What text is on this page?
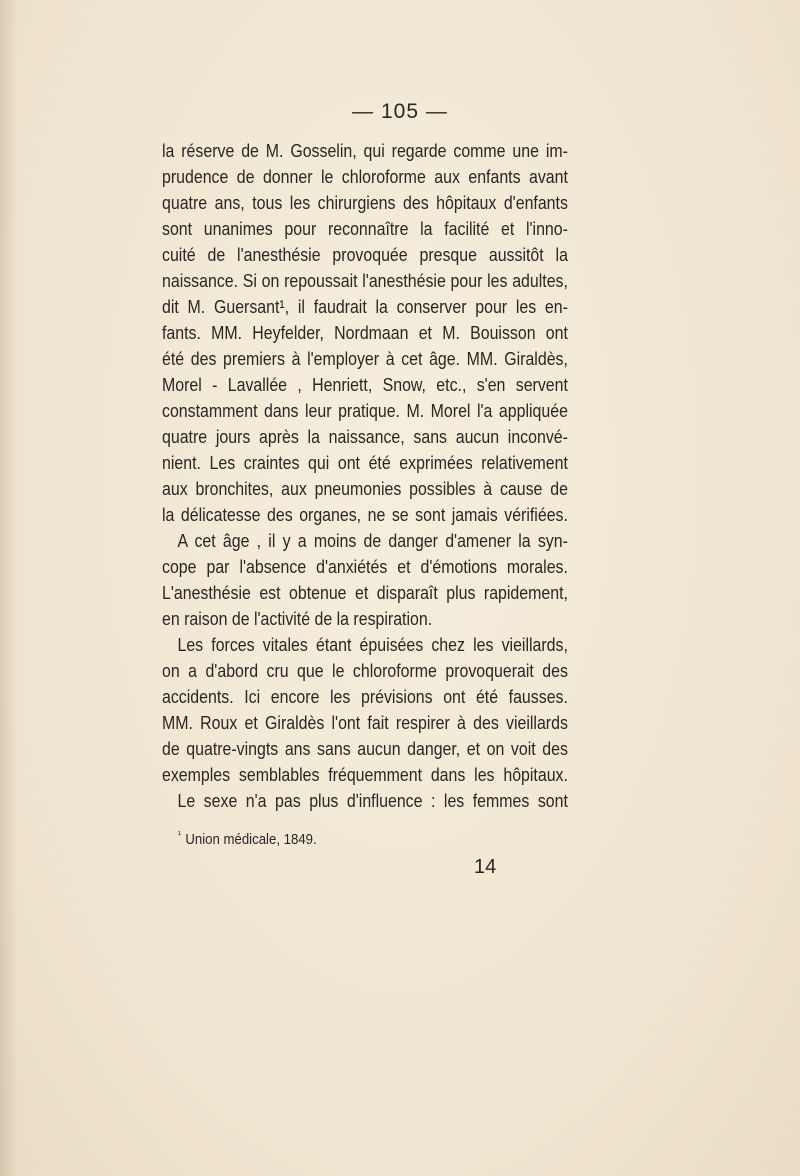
— 105 —
la réserve de M. Gosselin, qui regarde comme une im-
prudence de donner le chloroforme aux enfants avant
quatre ans, tous les chirurgiens des hôpitaux d'enfants
sont unanimes pour reconnaître la facilité et l'inno-
cuité de l'anesthésie provoquée presque aussitôt la
naissance. Si on repoussait l'anesthésie pour les adultes,
dit M. Guersant¹, il faudrait la conserver pour les en-
fants. MM. Heyfelder, Nordmaan et M. Bouisson ont
été des premiers à l'employer à cet âge. MM. Giraldès,
Morel - Lavallée , Henriett, Snow, etc., s'en servent
constamment dans leur pratique. M. Morel l'a appliquée
quatre jours après la naissance, sans aucun inconvé-
nient. Les craintes qui ont été exprimées relativement
aux bronchites, aux pneumonies possibles à cause de
la délicatesse des organes, ne se sont jamais vérifiées.
A cet âge , il y a moins de danger d'amener la syn-
cope par l'absence d'anxiétés et d'émotions morales.
L'anesthésie est obtenue et disparaît plus rapidement,
en raison de l'activité de la respiration.
Les forces vitales étant épuisées chez les vieillards,
on a d'abord cru que le chloroforme provoquerait des
accidents. Ici encore les prévisions ont été fausses.
MM. Roux et Giraldès l'ont fait respirer à des vieillards
de quatre-vingts ans sans aucun danger, et on voit des
exemples semblables fréquemment dans les hôpitaux.
Le sexe n'a pas plus d'influence : les femmes sont
$^{^1}$ Union médicale, 1849.
14
